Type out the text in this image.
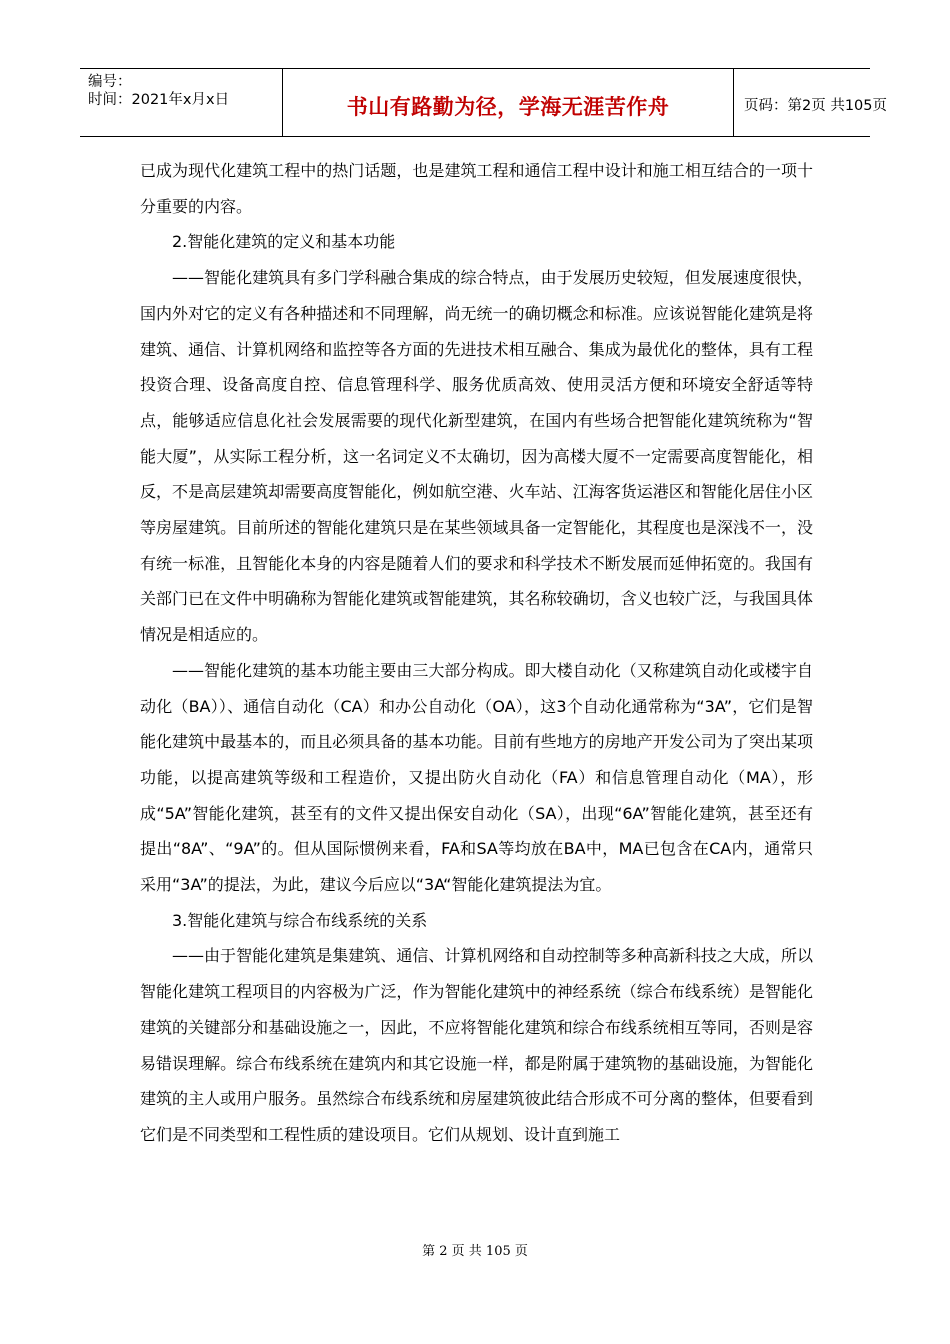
编号：
时间：2021年x月x日	书山有路勤为径，学海无涯苦作舟	页码：第2页 共105页

已成为现代化建筑工程中的热门话题，也是建筑工程和通信工程中设计和施工相互结合的一项十分重要的内容。

2.智能化建筑的定义和基本功能

——智能化建筑具有多门学科融合集成的综合特点，由于发展历史较短，但发展速度很快，国内外对它的定义有各种描述和不同理解，尚无统一的确切概念和标准。应该说智能化建筑是将建筑、通信、计算机网络和监控等各方面的先进技术相互融合、集成为最优化的整体，具有工程投资合理、设备高度自控、信息管理科学、服务优质高效、使用灵活方便和环境安全舒适等特点，能够适应信息化社会发展需要的现代化新型建筑，在国内有些场合把智能化建筑统称为“智能大厦”，从实际工程分析，这一名词定义不太确切，因为高楼大厦不一定需要高度智能化，相反，不是高层建筑却需要高度智能化，例如航空港、火车站、江海客货运港区和智能化居住小区等房屋建筑。目前所述的智能化建筑只是在某些领域具备一定智能化，其程度也是深浅不一，没有统一标准，且智能化本身的内容是随着人们的要求和科学技术不断发展而延伸拓宽的。我国有关部门已在文件中明确称为智能化建筑或智能建筑，其名称较确切，含义也较广泛，与我国具体情况是相适应的。

——智能化建筑的基本功能主要由三大部分构成。即大楼自动化（又称建筑自动化或楼宇自动化（BA））、通信自动化（CA）和办公自动化（OA），这3个自动化通常称为“3A”，它们是智能化建筑中最基本的，而且必须具备的基本功能。目前有些地方的房地产开发公司为了突出某项功能，以提高建筑等级和工程造价，又提出防火自动化（FA）和信息管理自动化（MA），形成“5A”智能化建筑，甚至有的文件又提出保安自动化（SA），出现“6A”智能化建筑，甚至还有提出“8A”、“9A”的。但从国际惯例来看，FA和SA等均放在BA中，MA已包含在CA内，通常只采用“3A”的提法，为此，建议今后应以“3A“智能化建筑提法为宜。

3.智能化建筑与综合布线系统的关系

——由于智能化建筑是集建筑、通信、计算机网络和自动控制等多种高新科技之大成，所以智能化建筑工程项目的内容极为广泛，作为智能化建筑中的神经系统（综合布线系统）是智能化建筑的关键部分和基础设施之一，因此，不应将智能化建筑和综合布线系统相互等同，否则是容易错误理解。综合布线系统在建筑内和其它设施一样，都是附属于建筑物的基础设施，为智能化建筑的主人或用户服务。虽然综合布线系统和房屋建筑彼此结合形成不可分离的整体，但要看到它们是不同类型和工程性质的建设项目。它们从规划、设计直到施工

第 2 页 共 105 页
